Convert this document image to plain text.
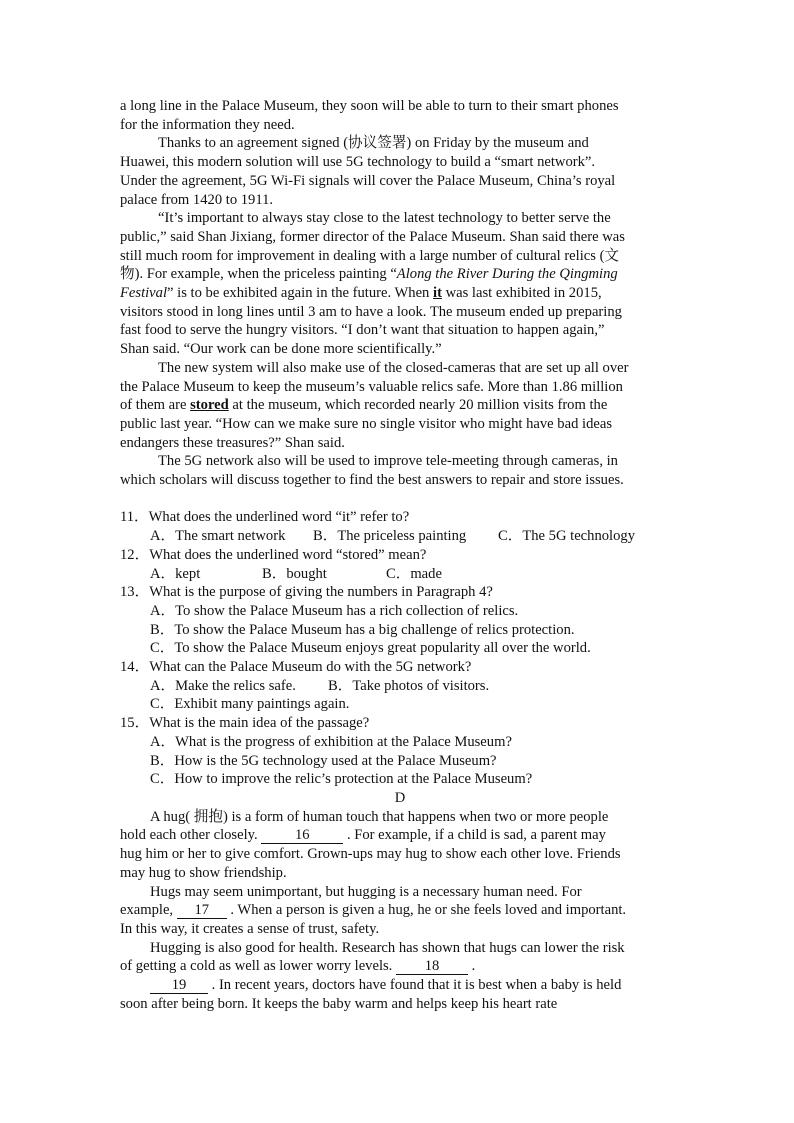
a long line in the Palace Museum, they soon will be able to turn to their smart phones
for the information they need.
Thanks to an agreement signed (协议签署) on Friday by the museum and
Huawei, this modern solution will use 5G technology to build a “smart network”.
Under the agreement, 5G Wi-Fi signals will cover the Palace Museum, China’s royal
palace from 1420 to 1911.
“It’s important to always stay close to the latest technology to better serve the
public,” said Shan Jixiang, former director of the Palace Museum. Shan said there was
still much room for improvement in dealing with a large number of cultural relics (文
物). For example, when the priceless painting “Along the River During the Qingming
Festival” is to be exhibited again in the future. When it was last exhibited in 2015,
visitors stood in long lines until 3 am to have a look. The museum ended up preparing
fast food to serve the hungry visitors. “I don’t want that situation to happen again,”
Shan said. “Our work can be done more scientifically.”
The new system will also make use of the closed-cameras that are set up all over
the Palace Museum to keep the museum’s valuable relics safe. More than 1.86 million
of them are stored at the museum, which recorded nearly 20 million visits from the
public last year. “How can we make sure no single visitor who might have bad ideas
endangers these treasures?” Shan said.
The 5G network also will be used to improve tele-meeting through cameras, in
which scholars will discuss together to find the best answers to repair and store issues.
11．What does the underlined word “it” refer to?
A．The smart network B．The priceless painting C．The 5G technology
12．What does the underlined word “stored” mean?
A．kept	B．bought	C．made
13．What is the purpose of giving the numbers in Paragraph 4?
A．To show the Palace Museum has a rich collection of relics.
B．To show the Palace Museum has a big challenge of relics protection.
C．To show the Palace Museum enjoys great popularity all over the world.
14．What can the Palace Museum do with the 5G network?
A．Make the relics safe. B．Take photos of visitors.
C．Exhibit many paintings again.
15．What is the main idea of the passage?
A．What is the progress of exhibition at the Palace Museum?
B．How is the 5G technology used at the Palace Museum?
C．How to improve the relic’s protection at the Palace Museum?
D
A hug( 拥抱) is a form of human touch that happens when two or more people
hold each other closely. 16 . For example, if a child is sad, a parent may
hug him or her to give comfort. Grown-ups may hug to show each other love. Friends
may hug to show friendship.
Hugs may seem unimportant, but hugging is a necessary human need. For
example, 17 . When a person is given a hug, he or she feels loved and important.
In this way, it creates a sense of trust, safety.
Hugging is also good for health. Research has shown that hugs can lower the risk
of getting a cold as well as lower worry levels. 18 .
19 . In recent years, doctors have found that it is best when a baby is held
soon after being born. It keeps the baby warm and helps keep his heart rate
